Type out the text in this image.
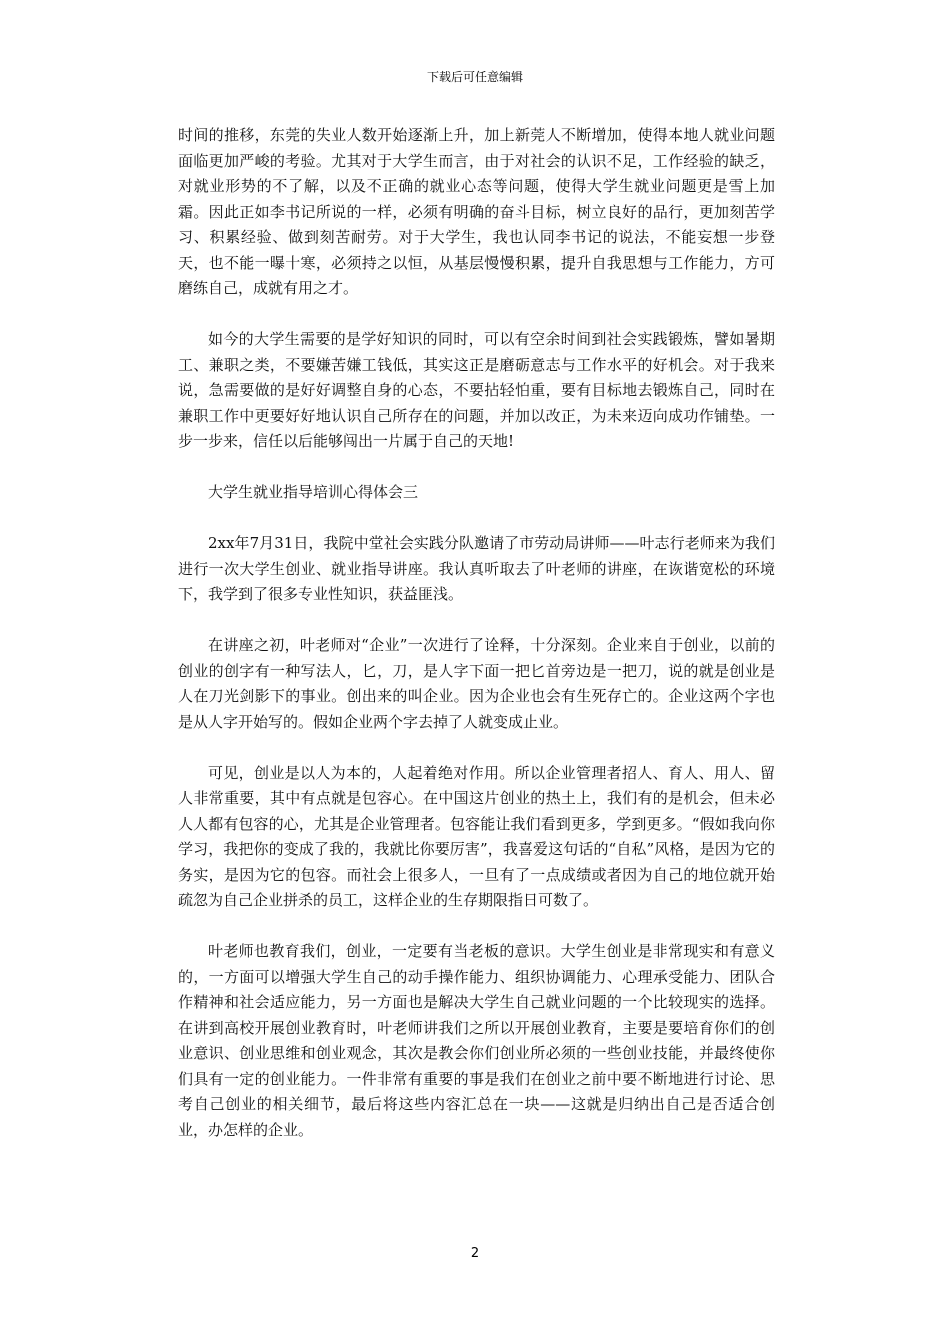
下载后可任意编辑

时间的推移，东莞的失业人数开始逐渐上升，加上新莞人不断增加，使得本地人就业问题面临更加严峻的考验。尤其对于大学生而言，由于对社会的认识不足，工作经验的缺乏，对就业形势的不了解，以及不正确的就业心态等问题，使得大学生就业问题更是雪上加霜。因此正如李书记所说的一样，必须有明确的奋斗目标，树立良好的品行，更加刻苦学习、积累经验、做到刻苦耐劳。对于大学生，我也认同李书记的说法，不能妄想一步登天，也不能一曝十寒，必须持之以恒，从基层慢慢积累，提升自我思想与工作能力，方可磨练自己，成就有用之才。

如今的大学生需要的是学好知识的同时，可以有空余时间到社会实践锻炼，譬如暑期工、兼职之类，不要嫌苦嫌工钱低，其实这正是磨砺意志与工作水平的好机会。对于我来说，急需要做的是好好调整自身的心态，不要拈轻怕重，要有目标地去锻炼自己，同时在兼职工作中更要好好地认识自己所存在的问题，并加以改正，为未来迈向成功作铺垫。一步一步来，信任以后能够闯出一片属于自己的天地!

大学生就业指导培训心得体会三

2xx年7月31日，我院中堂社会实践分队邀请了市劳动局讲师——叶志行老师来为我们进行一次大学生创业、就业指导讲座。我认真听取去了叶老师的讲座，在诙谐宽松的环境下，我学到了很多专业性知识，获益匪浅。

在讲座之初，叶老师对“企业”一次进行了诠释，十分深刻。企业来自于创业，以前的创业的创字有一种写法人，匕，刀，是人字下面一把匕首旁边是一把刀，说的就是创业是人在刀光剑影下的事业。创出来的叫企业。因为企业也会有生死存亡的。企业这两个字也是从人字开始写的。假如企业两个字去掉了人就变成止业。

可见，创业是以人为本的，人起着绝对作用。所以企业管理者招人、育人、用人、留人非常重要，其中有点就是包容心。在中国这片创业的热土上，我们有的是机会，但未必人人都有包容的心，尤其是企业管理者。包容能让我们看到更多，学到更多。“假如我向你学习，我把你的变成了我的，我就比你要厉害”，我喜爱这句话的“自私”风格，是因为它的务实，是因为它的包容。而社会上很多人，一旦有了一点成绩或者因为自己的地位就开始疏忽为自己企业拼杀的员工，这样企业的生存期限指日可数了。

叶老师也教育我们，创业，一定要有当老板的意识。大学生创业是非常现实和有意义的，一方面可以增强大学生自己的动手操作能力、组织协调能力、心理承受能力、团队合作精神和社会适应能力，另一方面也是解决大学生自己就业问题的一个比较现实的选择。在讲到高校开展创业教育时，叶老师讲我们之所以开展创业教育，主要是要培育你们的创业意识、创业思维和创业观念，其次是教会你们创业所必须的一些创业技能，并最终使你们具有一定的创业能力。一件非常有重要的事是我们在创业之前中要不断地进行讨论、思考自己创业的相关细节，最后将这些内容汇总在一块——这就是归纳出自己是否适合创业，办怎样的企业。

2
